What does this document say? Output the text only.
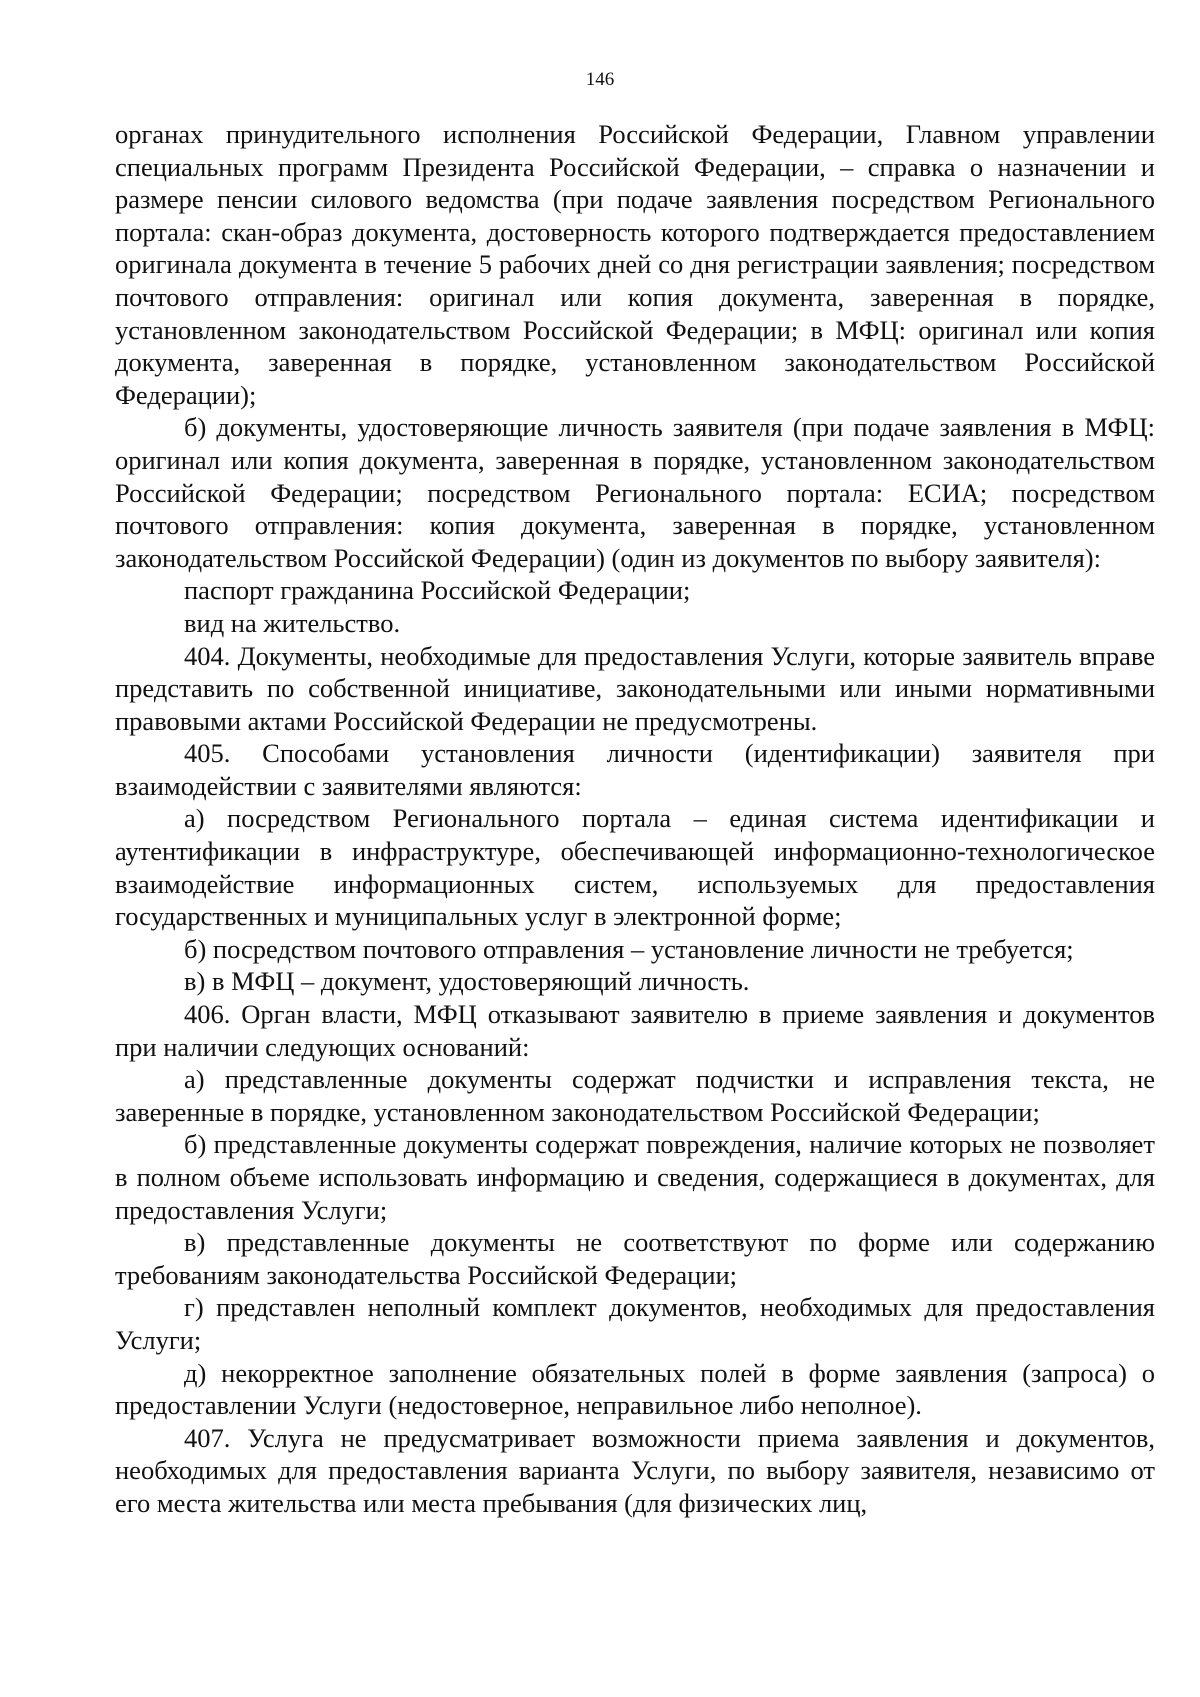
146

органах принудительного исполнения Российской Федерации, Главном управлении специальных программ Президента Российской Федерации, – справка о назначении и размере пенсии силового ведомства (при подаче заявления посредством Регионального портала: скан-образ документа, достоверность которого подтверждается предоставлением оригинала документа в течение 5 рабочих дней со дня регистрации заявления; посредством почтового отправления: оригинал или копия документа, заверенная в порядке, установленном законодательством Российской Федерации; в МФЦ: оригинал или копия документа, заверенная в порядке, установленном законодательством Российской Федерации);

б) документы, удостоверяющие личность заявителя (при подаче заявления в МФЦ: оригинал или копия документа, заверенная в порядке, установленном законодательством Российской Федерации; посредством Регионального портала: ЕСИА; посредством почтового отправления: копия документа, заверенная в порядке, установленном законодательством Российской Федерации) (один из документов по выбору заявителя):

паспорт гражданина Российской Федерации;

вид на жительство.

404. Документы, необходимые для предоставления Услуги, которые заявитель вправе представить по собственной инициативе, законодательными или иными нормативными правовыми актами Российской Федерации не предусмотрены.

405. Способами установления личности (идентификации) заявителя при взаимодействии с заявителями являются:

а) посредством Регионального портала – единая система идентификации и аутентификации в инфраструктуре, обеспечивающей информационно-технологическое взаимодействие информационных систем, используемых для предоставления государственных и муниципальных услуг в электронной форме;

б) посредством почтового отправления – установление личности не требуется;

в) в МФЦ – документ, удостоверяющий личность.

406. Орган власти, МФЦ отказывают заявителю в приеме заявления и документов при наличии следующих оснований:

а) представленные документы содержат подчистки и исправления текста, не заверенные в порядке, установленном законодательством Российской Федерации;

б) представленные документы содержат повреждения, наличие которых не позволяет в полном объеме использовать информацию и сведения, содержащиеся в документах, для предоставления Услуги;

в) представленные документы не соответствуют по форме или содержанию требованиям законодательства Российской Федерации;

г) представлен неполный комплект документов, необходимых для предоставления Услуги;

д) некорректное заполнение обязательных полей в форме заявления (запроса) о предоставлении Услуги (недостоверное, неправильное либо неполное).

407. Услуга не предусматривает возможности приема заявления и документов, необходимых для предоставления варианта Услуги, по выбору заявителя, независимо от его места жительства или места пребывания (для физических лиц,
